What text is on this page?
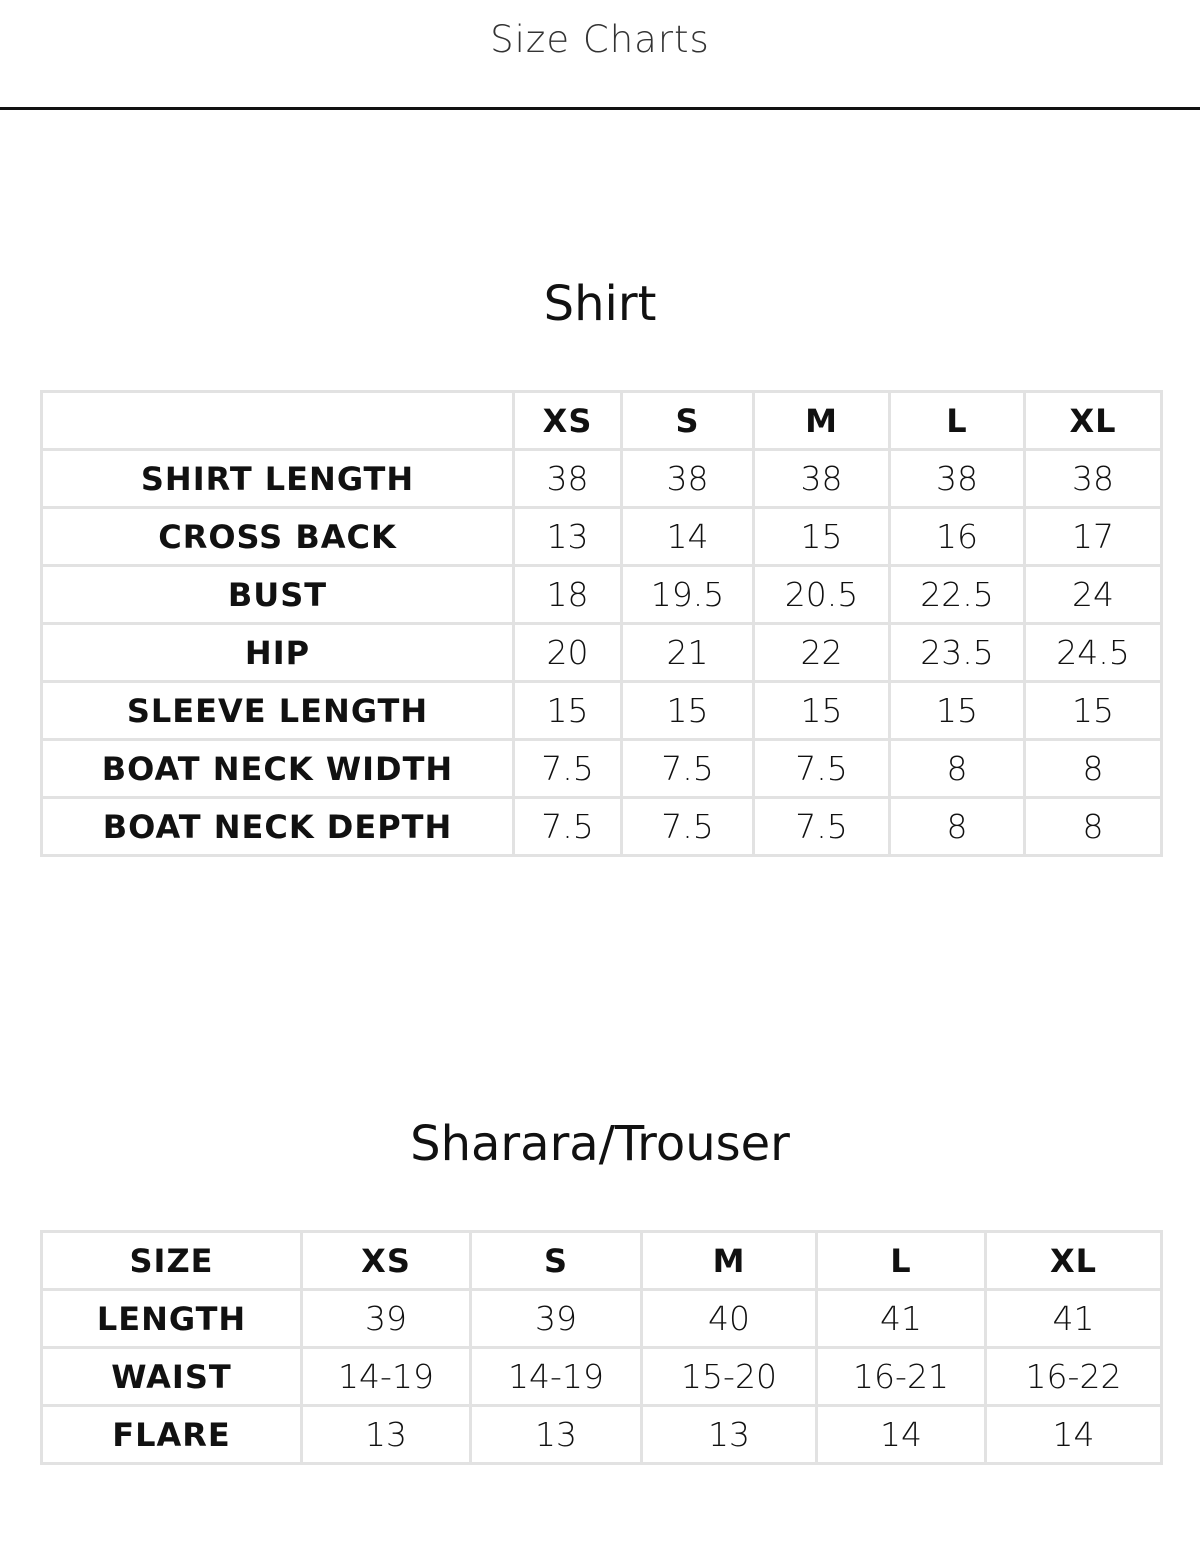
Size Charts
Shirt
	XS	S	M	L	XL
SHIRT LENGTH	38	38	38	38	38
CROSS BACK	13	14	15	16	17
BUST	18	19.5	20.5	22.5	24
HIP	20	21	22	23.5	24.5
SLEEVE LENGTH	15	15	15	15	15
BOAT NECK WIDTH	7.5	7.5	7.5	8	8
BOAT NECK DEPTH	7.5	7.5	7.5	8	8
Sharara/Trouser
SIZE	XS	S	M	L	XL
LENGTH	39	39	40	41	41
WAIST	14-19	14-19	15-20	16-21	16-22
FLARE	13	13	13	14	14
